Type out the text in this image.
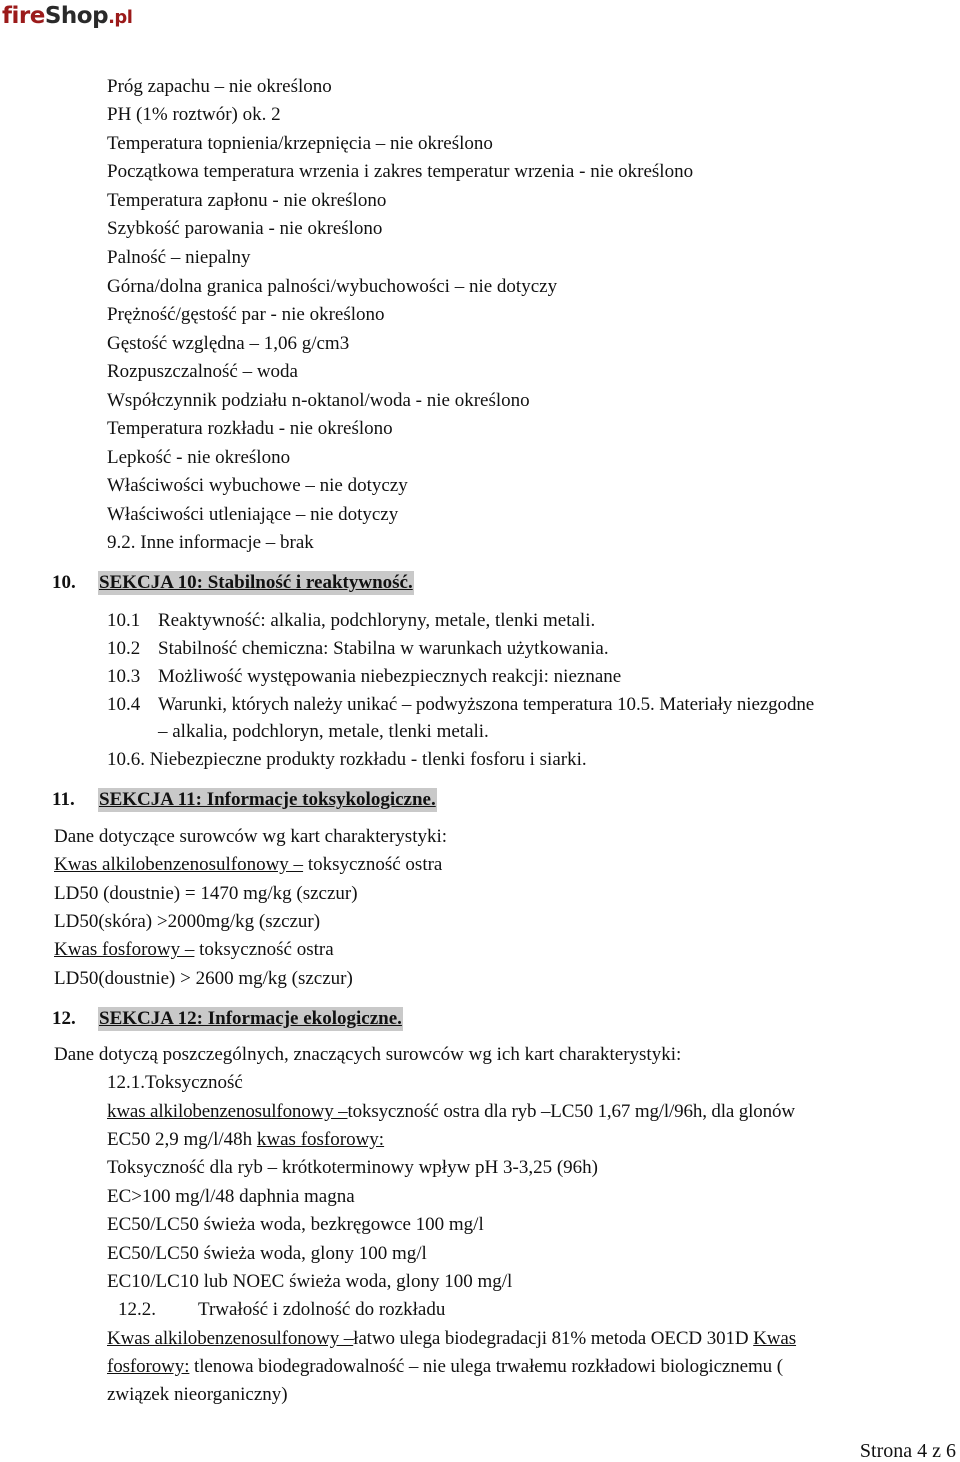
fireShop.pl
Próg zapachu – nie określono
PH (1% roztwór) ok. 2
Temperatura topnienia/krzepnięcia – nie określono
Początkowa temperatura wrzenia i zakres temperatur wrzenia - nie określono
Temperatura zapłonu - nie określono
Szybkość parowania - nie określono
Palność – niepalny
Górna/dolna granica palności/wybuchowości – nie dotyczy
Prężność/gęstość par - nie określono
Gęstość względna – 1,06 g/cm3
Rozpuszczalność – woda
Współczynnik podziału n-oktanol/woda - nie określono
Temperatura rozkładu - nie określono
Lepkość - nie określono
Właściwości wybuchowe – nie dotyczy
Właściwości utleniające – nie dotyczy
9.2. Inne informacje – brak
10. SEKCJA 10: Stabilność i reaktywność.
10.1 Reaktywność: alkalia, podchloryny, metale, tlenki metali.
10.2 Stabilność chemiczna: Stabilna w warunkach użytkowania.
10.3 Możliwość występowania niebezpiecznych reakcji: nieznane
10.4 Warunki, których należy unikać – podwyższona temperatura 10.5. Materiały niezgodne
– alkalia, podchloryn, metale, tlenki metali.
10.6. Niebezpieczne produkty rozkładu - tlenki fosforu i siarki.
11. SEKCJA 11: Informacje toksykologiczne.
Dane dotyczące surowców wg kart charakterystyki:
Kwas alkilobenzenosulfonowy – toksyczność ostra
LD50 (doustnie) = 1470 mg/kg (szczur)
LD50(skóra) >2000mg/kg (szczur)
Kwas fosforowy – toksyczność ostra
LD50(doustnie) > 2600 mg/kg (szczur)
12. SEKCJA 12: Informacje ekologiczne.
Dane dotyczą poszczególnych, znaczących surowców wg ich kart charakterystyki:
12.1.Toksyczność
kwas alkilobenzenosulfonowy –toksyczność ostra dla ryb –LC50 1,67 mg/l/96h, dla glonów
EC50 2,9 mg/l/48h kwas fosforowy:
Toksyczność dla ryb – krótkoterminowy wpływ pH 3-3,25 (96h)
EC>100 mg/l/48 daphnia magna
EC50/LC50 świeża woda, bezkręgowce 100 mg/l
EC50/LC50 świeża woda, glony 100 mg/l
EC10/LC10 lub NOEC świeża woda, glony 100 mg/l
12.2. Trwałość i zdolność do rozkładu
Kwas alkilobenzenosulfonowy –łatwo ulega biodegradacji 81% metoda OECD 301D Kwas
fosforowy: tlenowa biodegradowalność – nie ulega trwałemu rozkładowi biologicznemu (
związek nieorganiczny)
Strona 4 z 6
